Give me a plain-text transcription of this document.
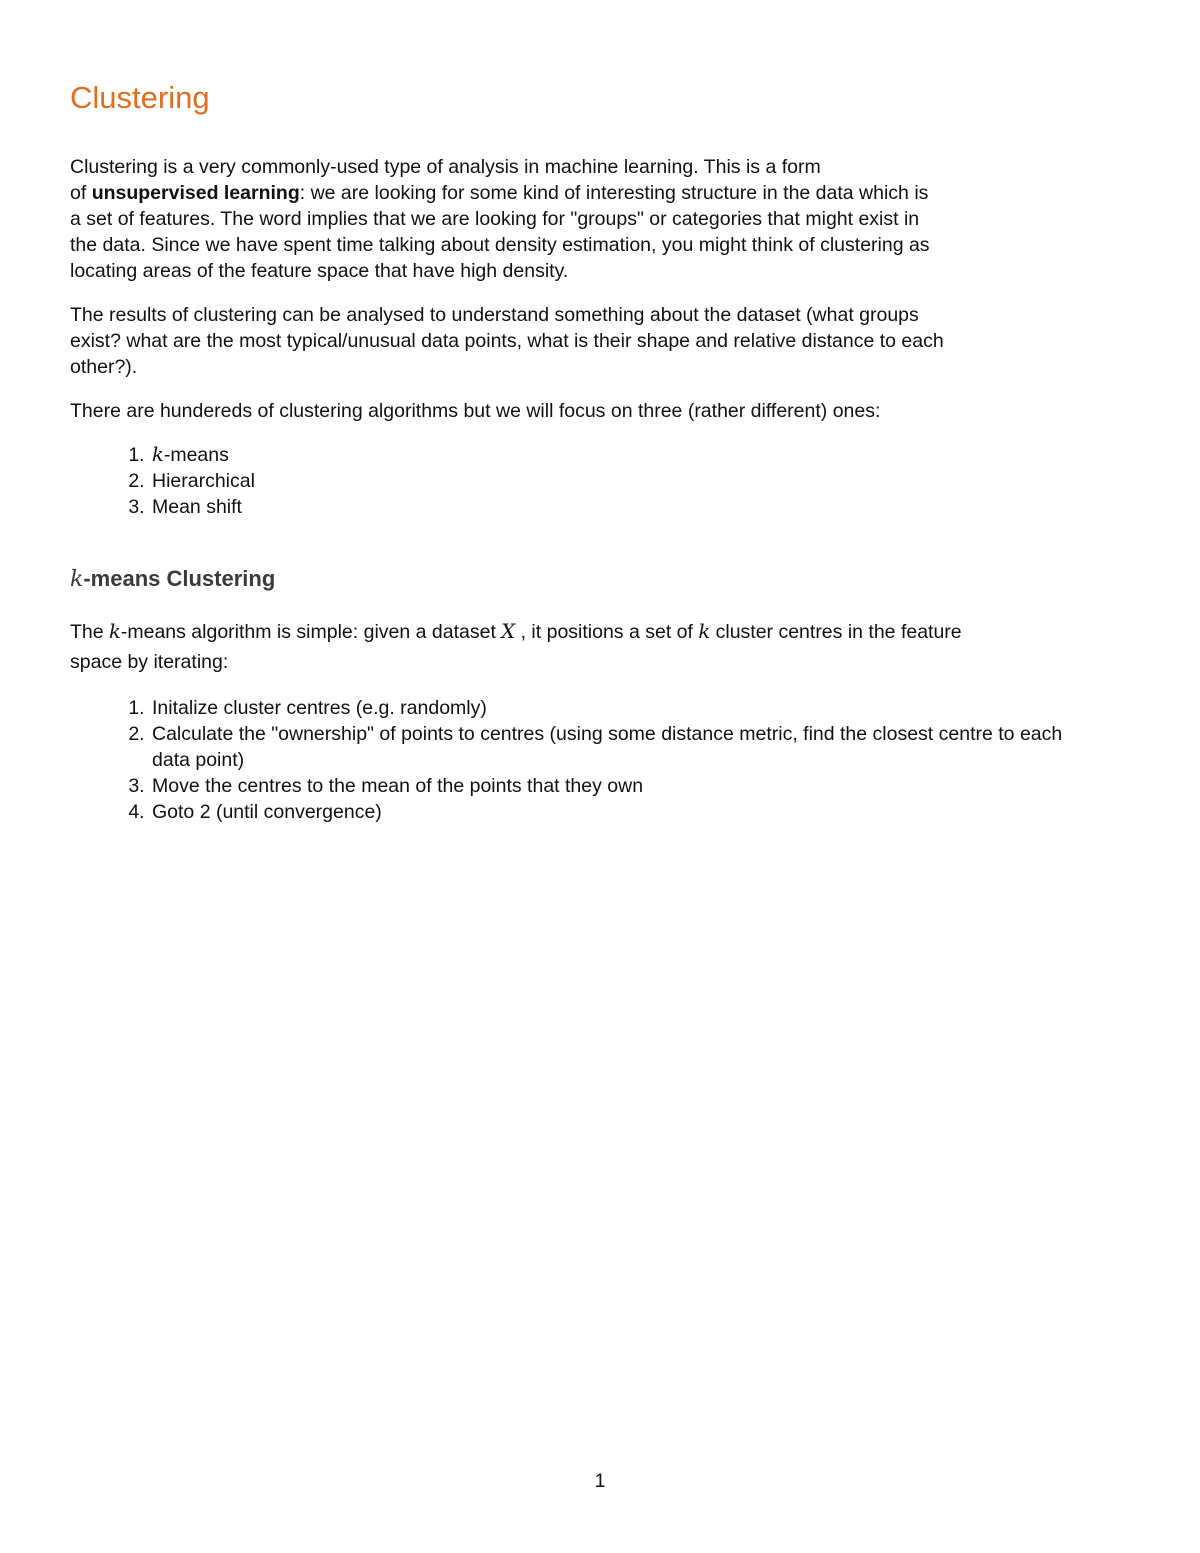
Clustering

Clustering is a very commonly-used type of analysis in machine learning. This is a form
of unsupervised learning: we are looking for some kind of interesting structure in the data which is
a set of features. The word implies that we are looking for "groups" or categories that might exist in
the data. Since we have spent time talking about density estimation, you might think of clustering as
locating areas of the feature space that have high density.

The results of clustering can be analysed to understand something about the dataset (what groups
exist? what are the most typical/unusual data points, what is their shape and relative distance to each
other?).

There are hundereds of clustering algorithms but we will focus on three (rather different) ones:

1. k-means
2. Hierarchical
3. Mean shift
k-means Clustering

The k-means algorithm is simple: given a dataset X , it positions a set of k cluster centres in the feature
space by iterating:

1. Initalize cluster centres (e.g. randomly)
2. Calculate the "ownership" of points to centres (using some distance metric, find the closest centre to each data point)
3. Move the centres to the mean of the points that they own
4. Goto 2 (until convergence)
1
